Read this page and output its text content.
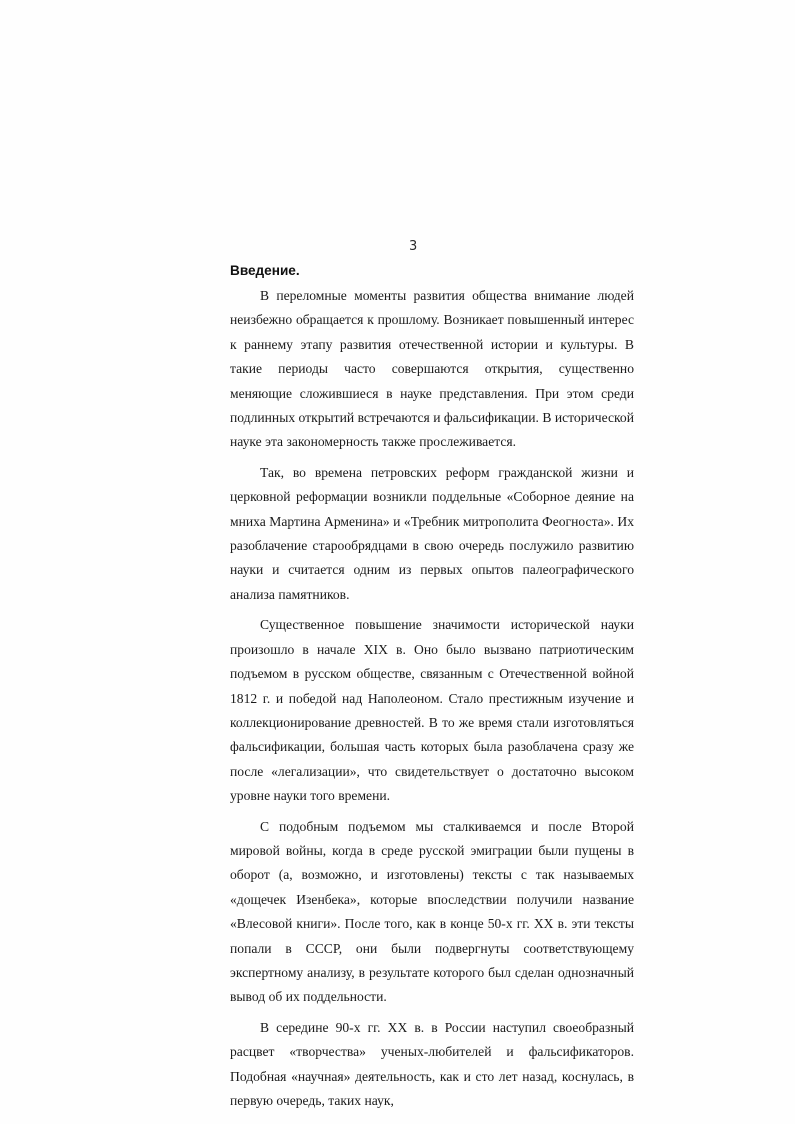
3
Введение.

В переломные моменты развития общества внимание людей неизбежно обращается к прошлому. Возникает повышенный интерес к раннему этапу развития отечественной истории и культуры. В такие периоды часто совершаются открытия, существенно меняющие сложившиеся в науке представления. При этом среди подлинных открытий встречаются и фальсификации. В исторической науке эта закономерность также прослеживается.

Так, во времена петровских реформ гражданской жизни и церковной реформации возникли поддельные «Соборное деяние на мниха Мартина Арменина» и «Требник митрополита Феогноста». Их разоблачение старообрядцами в свою очередь послужило развитию науки и считается одним из первых опытов палеографического анализа памятников.

Существенное повышение значимости исторической науки произошло в начале XIX в. Оно было вызвано патриотическим подъемом в русском обществе, связанным с Отечественной войной 1812 г. и победой над Наполеоном. Стало престижным изучение и коллекционирование древностей. В то же время стали изготовляться фальсификации, большая часть которых была разоблачена сразу же после «легализации», что свидетельствует о достаточно высоком уровне науки того времени.

С подобным подъемом мы сталкиваемся и после Второй мировой войны, когда в среде русской эмиграции были пущены в оборот (а, возможно, и изготовлены) тексты с так называемых «дощечек Изенбека», которые впоследствии получили название «Влесовой книги». После того, как в конце 50-х гг. XX в. эти тексты попали в СССР, они были подвергнуты соответствующему экспертному анализу, в результате которого был сделан однозначный вывод об их поддельности.

В середине 90-х гг. XX в. в России наступил своеобразный расцвет «творчества» ученых-любителей и фальсификаторов. Подобная «научная» деятельность, как и сто лет назад, коснулась, в первую очередь, таких наук,
